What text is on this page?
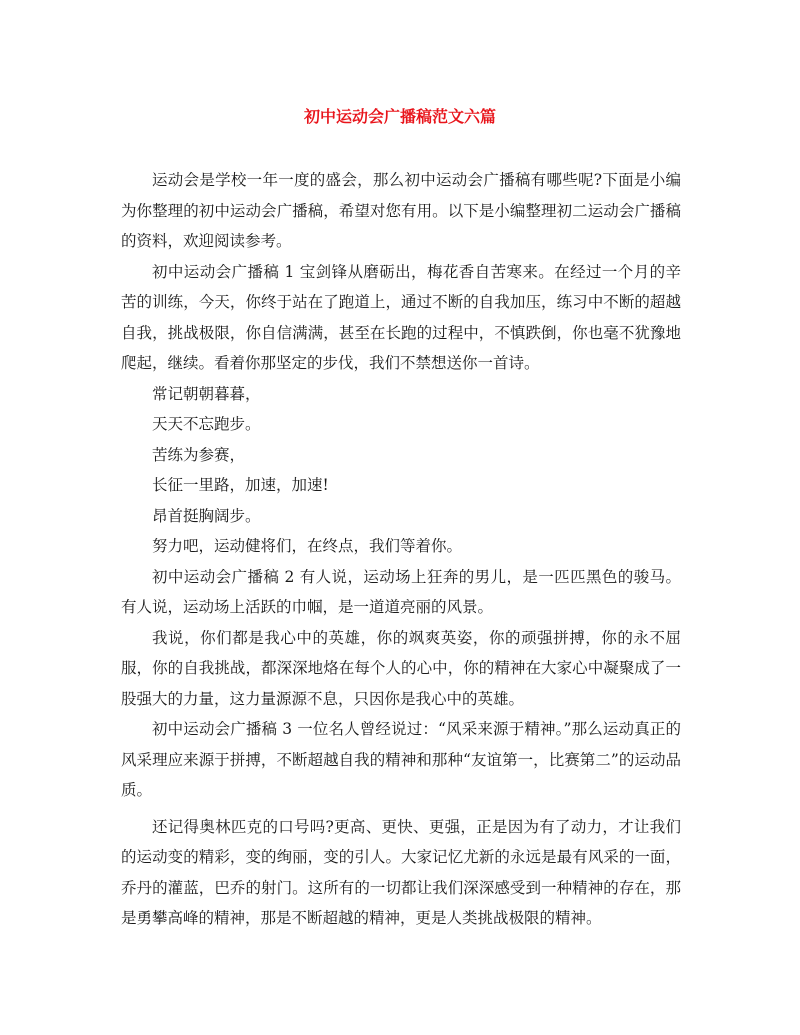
初中运动会广播稿范文六篇

运动会是学校一年一度的盛会，那么初中运动会广播稿有哪些呢?下面是小编为你整理的初中运动会广播稿，希望对您有用。以下是小编整理初二运动会广播稿的资料，欢迎阅读参考。

初中运动会广播稿 1 宝剑锋从磨砺出，梅花香自苦寒来。在经过一个月的辛苦的训练，今天，你终于站在了跑道上，通过不断的自我加压，练习中不断的超越自我，挑战极限，你自信满满，甚至在长跑的过程中，不慎跌倒，你也毫不犹豫地爬起，继续。看着你那坚定的步伐，我们不禁想送你一首诗。

常记朝朝暮暮，

天天不忘跑步。

苦练为参赛，

长征一里路，加速，加速!

昂首挺胸阔步。

努力吧，运动健将们，在终点，我们等着你。

初中运动会广播稿 2 有人说，运动场上狂奔的男儿，是一匹匹黑色的骏马。有人说，运动场上活跃的巾帼，是一道道亮丽的风景。

我说，你们都是我心中的英雄，你的飒爽英姿，你的顽强拼搏，你的永不屈服，你的自我挑战，都深深地烙在每个人的心中，你的精神在大家心中凝聚成了一股强大的力量，这力量源源不息，只因你是我心中的英雄。

初中运动会广播稿 3 一位名人曾经说过：“风采来源于精神。”那么运动真正的风采理应来源于拼搏，不断超越自我的精神和那种“友谊第一，比赛第二”的运动品质。

还记得奥林匹克的口号吗?更高、更快、更强，正是因为有了动力，才让我们的运动变的精彩，变的绚丽，变的引人。大家记忆尤新的永远是最有风采的一面，乔丹的灌蓝，巴乔的射门。这所有的一切都让我们深深感受到一种精神的存在，那是勇攀高峰的精神，那是不断超越的精神，更是人类挑战极限的精神。
